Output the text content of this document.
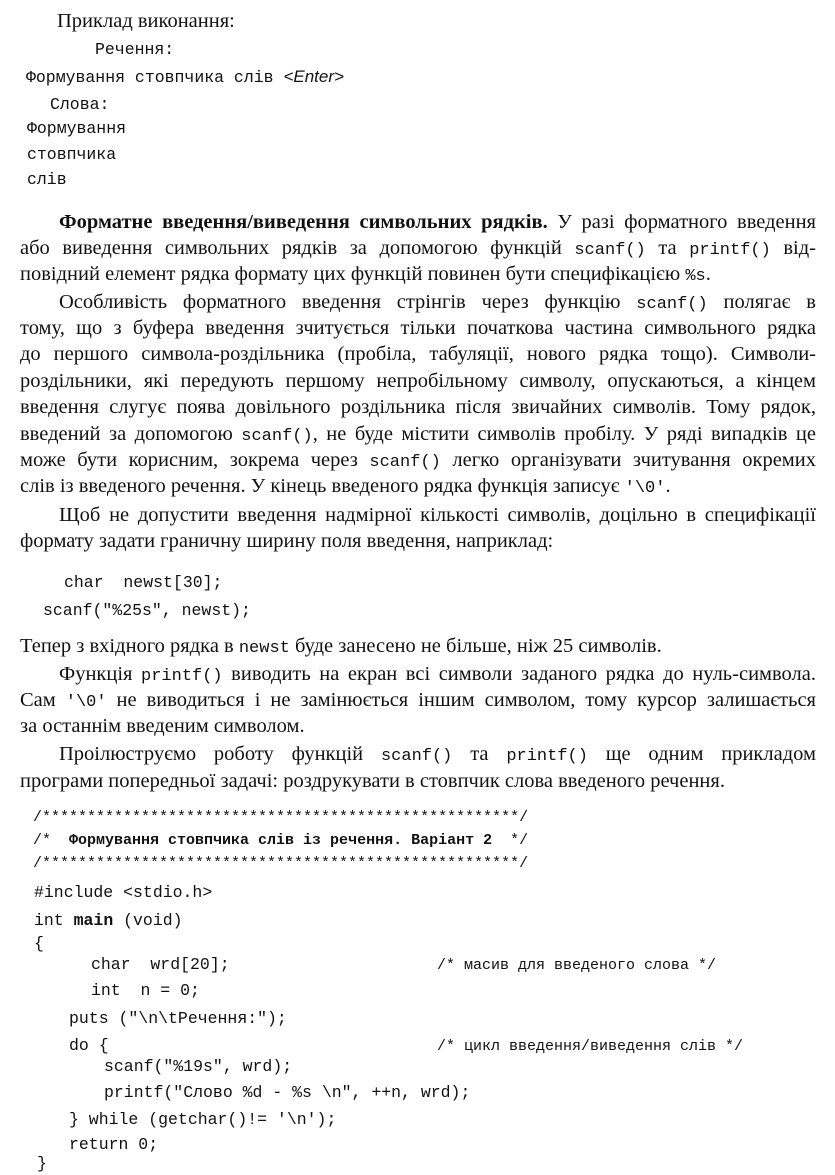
Приклад виконання:
Речення:
Формування стовпчика слів <Enter>
Слова:
Формування
стовпчика
слів
Форматне введення/виведення символьних рядків. У разі форматного введення
або виведення символьних рядків за допомогою функцій scanf() та printf() від-
повідний елемент рядка формату цих функцій повинен бути специфікацією %s.
Особливість форматного введення стрінгів через функцію scanf() полягає в
тому, що з буфера введення зчитується тільки початкова частина символьного рядка
до першого символа-роздільника (пробіла, табуляції, нового рядка тощо). Символи-
роздільники, які передують першому непробільному символу, опускаються, а кінцем
введення слугує поява довільного роздільника після звичайних символів. Тому рядок,
введений за допомогою scanf(), не буде містити символів пробілу. У ряді випадків це
може бути корисним, зокрема через scanf() легко організувати зчитування окремих
слів із введеного речення. У кінець введеного рядка функція записує '\0'.
Щоб не допустити введення надмірної кількості символів, доцільно в специфікації
формату задати граничну ширину поля введення, наприклад:
char  newst[30];
scanf("%25s", newst);
Тепер з вхідного рядка в newst буде занесено не більше, ніж 25 символів.
Функція printf() виводить на екран всі символи заданого рядка до нуль-символа.
Сам '\0' не виводиться і не замінюється іншим символом, тому курсор залишається
за останнім введеним символом.
Проілюструємо роботу функцій scanf() та printf() ще одним прикладом
програми попередньої задачі: роздрукувати в стовпчик слова введеного речення.
/*****************************************************/
/*  Формування стовпчика слів із речення. Варіант 2  */
/*****************************************************/
#include <stdio.h>
int main (void)
{
char  wrd[20];	/* масив для введеного слова */
int  n = 0;
puts ("\n\tРечення:");
do {	/* цикл введення/виведення слів */
scanf("%19s", wrd);
printf("Слово %d - %s \n", ++n, wrd);
} while (getchar()!= '\n');
return 0;
}
